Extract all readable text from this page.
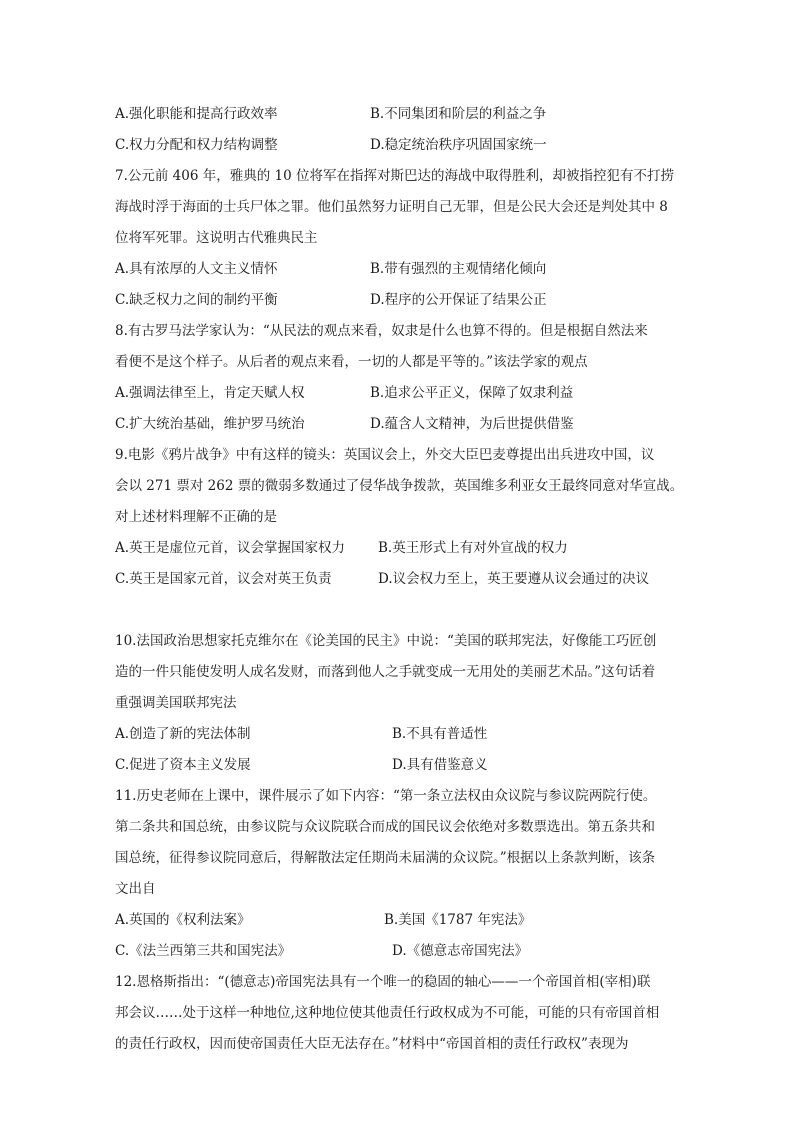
A.强化职能和提高行政效率	B.不同集团和阶层的利益之争
C.权力分配和权力结构调整	D.稳定统治秩序巩固国家统一
7.公元前 406 年，雅典的 10 位将军在指挥对斯巴达的海战中取得胜利，却被指控犯有不打捞
海战时浮于海面的士兵尸体之罪。他们虽然努力证明自己无罪，但是公民大会还是判处其中 8
位将军死罪。这说明古代雅典民主
A.具有浓厚的人文主义情怀	B.带有强烈的主观情绪化倾向
C.缺乏权力之间的制约平衡	D.程序的公开保证了结果公正
8.有古罗马法学家认为：“从民法的观点来看，奴隶是什么也算不得的。但是根据自然法来
看便不是这个样子。从后者的观点来看，一切的人都是平等的。”该法学家的观点
A.强调法律至上，肯定天赋人权	B.追求公平正义，保障了奴隶利益
C.扩大统治基础，维护罗马统治	D.蕴含人文精神，为后世提供借鉴
9.电影《鸦片战争》中有这样的镜头：英国议会上，外交大臣巴麦尊提出出兵进攻中国，议
会以 271 票对 262 票的微弱多数通过了侵华战争拨款，英国维多利亚女王最终同意对华宣战。
对上述材料理解不正确的是
A.英王是虚位元首，议会掌握国家权力 B.英王形式上有对外宣战的权力
C.英王是国家元首，议会对英王负责	D.议会权力至上，英王要遵从议会通过的决议
10.法国政治思想家托克维尔在《论美国的民主》中说：“美国的联邦宪法，好像能工巧匠创
造的一件只能使发明人成名发财，而落到他人之手就变成一无用处的美丽艺术品。”这句话着
重强调美国联邦宪法
A.创造了新的宪法体制	B.不具有普适性
C.促进了资本主义发展	D.具有借鉴意义
11.历史老师在上课中，课件展示了如下内容：“第一条立法权由众议院与参议院两院行使。
第二条共和国总统，由参议院与众议院联合而成的国民议会依绝对多数票选出。第五条共和
国总统，征得参议院同意后，得解散法定任期尚未届满的众议院。”根据以上条款判断，该条
文出自
A.英国的《权利法案》	B.美国《1787 年宪法》
C.《法兰西第三共和国宪法》	D.《德意志帝国宪法》
12.恩格斯指出：“(德意志)帝国宪法具有一个唯一的稳固的轴心——一个帝国首相(宰相)联
邦会议……处于这样一种地位,这种地位使其他责任行政权成为不可能，可能的只有帝国首相
的责任行政权，因而使帝国责任大臣无法存在。”材料中“帝国首相的责任行政权”表现为
